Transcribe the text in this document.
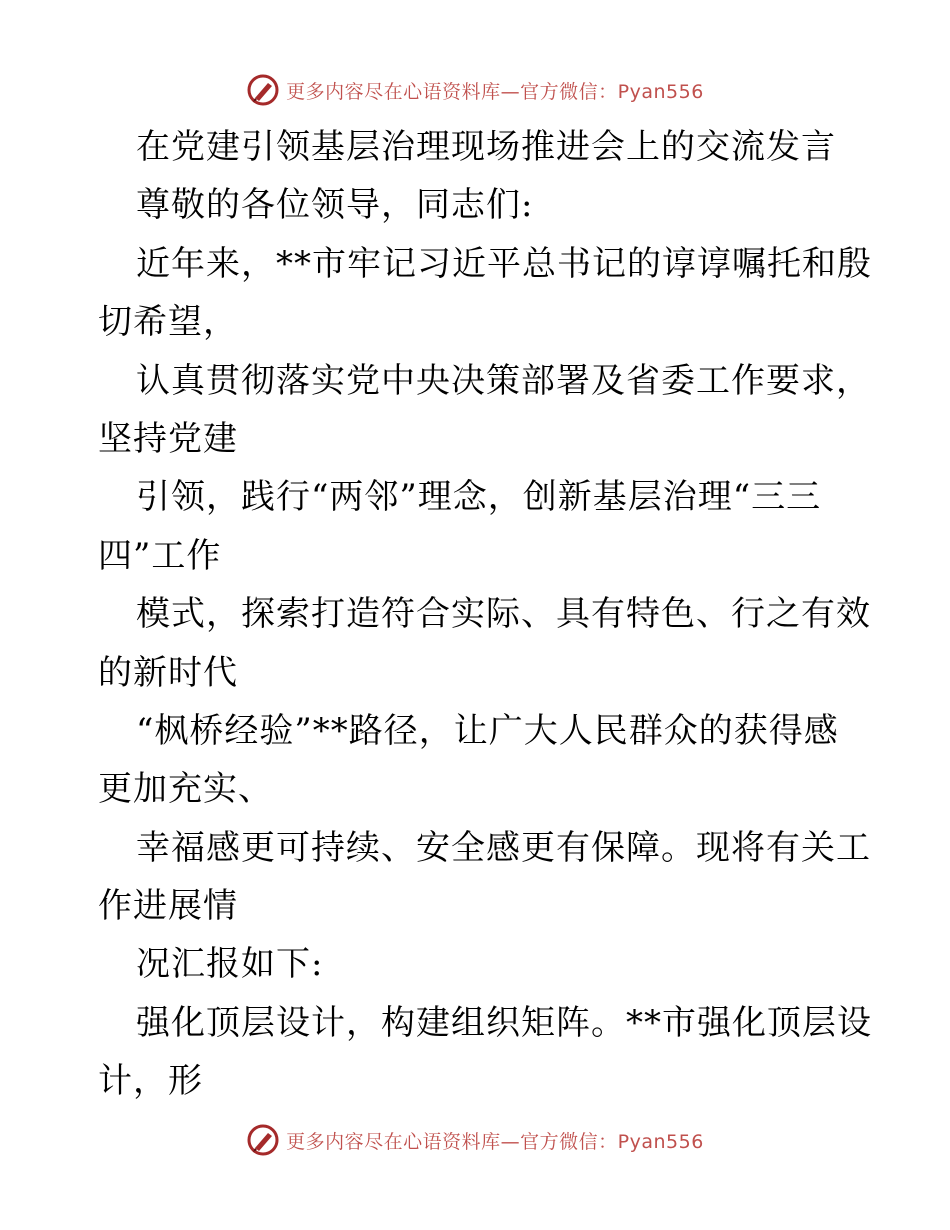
更多内容尽在心语资料库—官方微信：Pyan556
在党建引领基层治理现场推进会上的交流发言
尊敬的各位领导，同志们:
近年来，**市牢记习近平总书记的谆谆嘱托和殷
切希望，
认真贯彻落实党中央决策部署及省委工作要求，
坚持党建
引领，践行“两邻”理念，创新基层治理“三三
四”工作
模式，探索打造符合实际、具有特色、行之有效
的新时代
“枫桥经验”**路径，让广大人民群众的获得感
更加充实、
幸福感更可持续、安全感更有保障。现将有关工
作进展情
况汇报如下:
强化顶层设计，构建组织矩阵。**市强化顶层设
计，形
更多内容尽在心语资料库—官方微信：Pyan556
